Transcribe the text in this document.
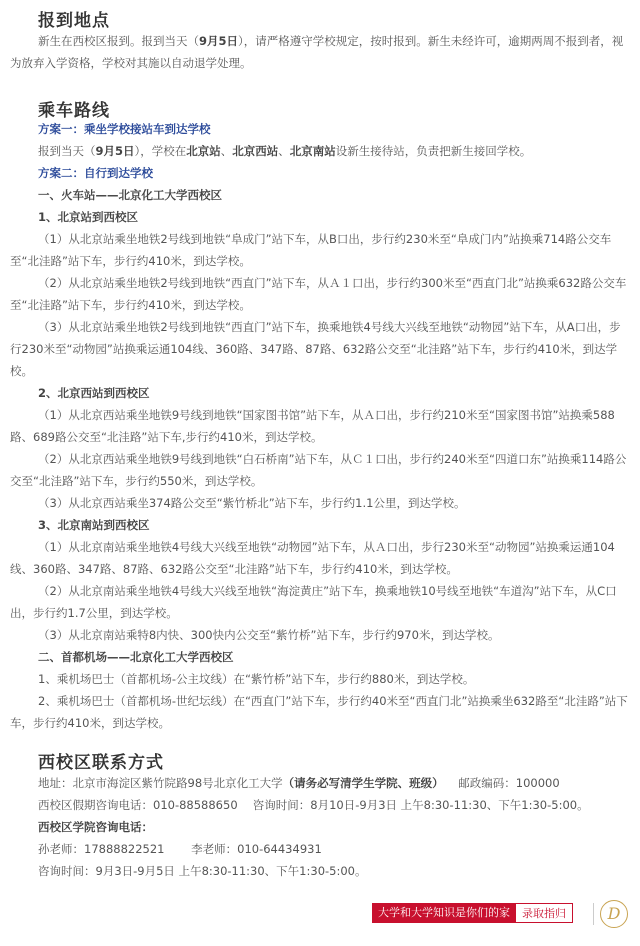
报到地点

新生在西校区报到。报到当天（9月5日），请严格遵守学校规定，按时报到。新生未经许可，逾期两周不报到者，视为放弃入学资格，学校对其施以自动退学处理。

乘车路线

方案一：乘坐学校接站车到达学校

报到当天（9月5日），学校在北京站、北京西站、北京南站设新生接待站，负责把新生接回学校。

方案二：自行到达学校

一、火车站——北京化工大学西校区

1、北京站到西校区

（1）从北京站乘坐地铁2号线到地铁“阜成门”站下车，从B口出，步行约230米至“阜成门内”站换乘714路公交车至“北洼路”站下车，步行约410米，到达学校。

（2）从北京站乘坐地铁2号线到地铁“西直门”站下车，从Ａ１口出，步行约300米至“西直门北”站换乘632路公交车至“北洼路”站下车，步行约410米，到达学校。

（3）从北京站乘坐地铁2号线到地铁“西直门”站下车，换乘地铁4号线大兴线至地铁“动物园”站下车，从A口出，步行230米至“动物园”站换乘运通104线、360路、347路、87路、632路公交至“北洼路”站下车，步行约410米，到达学校。

2、北京西站到西校区

（1）从北京西站乘坐地铁9号线到地铁“国家图书馆”站下车，从Ａ口出，步行约210米至“国家图书馆”站换乘588路、689路公交至“北洼路”站下车,步行约410米，到达学校。

（2）从北京西站乘坐地铁9号线到地铁“白石桥南”站下车，从Ｃ１口出，步行约240米至“四道口东”站换乘114路公交至“北洼路”站下车，步行约550米，到达学校。

（3）从北京西站乘坐374路公交至“紫竹桥北”站下车，步行约1.1公里，到达学校。

3、北京南站到西校区

（1）从北京南站乘坐地铁4号线大兴线至地铁“动物园”站下车，从Ａ口出，步行230米至“动物园”站换乘运通104线、360路、347路、87路、632路公交至“北洼路”站下车，步行约410米，到达学校。

（2）从北京南站乘坐地铁4号线大兴线至地铁“海淀黄庄”站下车，换乘地铁10号线至地铁“车道沟”站下车，从C口出，步行约1.7公里，到达学校。

（3）从北京南站乘特8内快、300快内公交至“紫竹桥”站下车，步行约970米，到达学校。

二、首都机场——北京化工大学西校区

1、乘机场巴士（首都机场-公主坟线）在“紫竹桥”站下车，步行约880米，到达学校。

2、乘机场巴士（首都机场-世纪坛线）在“西直门”站下车，步行约40米至“西直门北”站换乘坐632路至“北洼路”站下车，步行约410米，到达学校。

西校区联系方式

地址：北京市海淀区紫竹院路98号北京化工大学（请务必写清学生学院、班级） 邮政编码：100000

西校区假期咨询电话：010-88588650　 咨询时间：8月10日-9月3日 上午8:30-11:30、下午1:30-5:00。

西校区学院咨询电话：

孙老师：17888822521　　 李老师：010-64434931

咨询时间：9月3日-9月5日 上午8:30-11:30、下午1:30-5:00。

大学和大学知识是你们的家	录取指归	D
